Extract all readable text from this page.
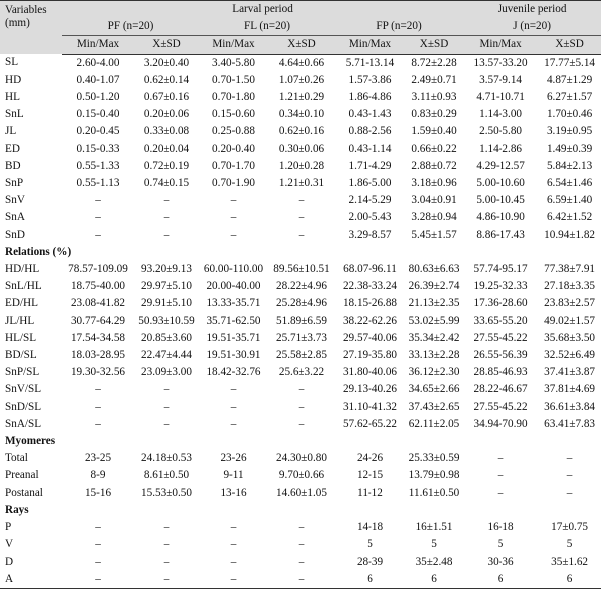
Variables
(mm)	Larval period						Juvenile period	
	PF (n=20)		FL (n=20)		FP (n=20)		J (n=20)	
	Min/Max	X±SD	Min/Max	X±SD	Min/Max	X±SD	Min/Max	X±SD
SL	2.60-4.00	3.20±0.40	3.40-5.80	4.64±0.66	5.71-13.14	8.72±2.28	13.57-33.20	17.77±5.14
HD	0.40-1.07	0.62±0.14	0.70-1.50	1.07±0.26	1.57-3.86	2.49±0.71	3.57-9.14	4.87±1.29
HL	0.50-1.20	0.67±0.16	0.70-1.80	1.21±0.29	1.86-4.86	3.11±0.93	4.71-10.71	6.27±1.57
SnL	0.15-0.40	0.20±0.06	0.15-0.60	0.34±0.10	0.43-1.43	0.83±0.29	1.14-3.00	1.70±0.46
JL	0.20-0.45	0.33±0.08	0.25-0.88	0.62±0.16	0.88-2.56	1.59±0.40	2.50-5.80	3.19±0.95
ED	0.15-0.33	0.20±0.04	0.20-0.40	0.30±0.06	0.43-1.14	0.66±0.22	1.14-2.86	1.49±0.39
BD	0.55-1.33	0.72±0.19	0.70-1.70	1.20±0.28	1.71-4.29	2.88±0.72	4.29-12.57	5.84±2.13
SnP	0.55-1.13	0.74±0.15	0.70-1.90	1.21±0.31	1.86-5.00	3.18±0.96	5.00-10.60	6.54±1.46
SnV	–	–	–	–	2.14-5.29	3.04±0.91	5.00-10.45	6.59±1.40
SnA	–	–	–	–	2.00-5.43	3.28±0.94	4.86-10.90	6.42±1.52
SnD	–	–	–	–	3.29-8.57	5.45±1.57	8.86-17.43	10.94±1.82
Relations (%)								
HD/HL	78.57-109.09	93.20±9.13	60.00-110.00	89.56±10.51	68.07-96.11	80.63±6.63	57.74-95.17	77.38±7.91
SnL/HL	18.75-40.00	29.97±5.10	20.00-40.00	28.22±4.96	22.38-33.24	26.39±2.74	19.25-32.33	27.18±3.35
ED/HL	23.08-41.82	29.91±5.10	13.33-35.71	25.28±4.96	18.15-26.88	21.13±2.35	17.36-28.60	23.83±2.57
JL/HL	30.77-64.29	50.93±10.59	35.71-62.50	51.89±6.59	38.22-62.26	53.02±5.99	33.65-55.20	49.02±1.57
HL/SL	17.54-34.58	20.85±3.60	19.51-35.71	25.71±3.73	29.57-40.06	35.34±2.42	27.55-45.22	35.68±3.50
BD/SL	18.03-28.95	22.47±4.44	19.51-30.91	25.58±2.85	27.19-35.80	33.13±2.28	26.55-56.39	32.52±6.49
SnP/SL	19.30-32.56	23.09±3.00	18.42-32.76	25.6±3.22	31.80-40.06	36.12±2.30	28.85-46.93	37.41±3.87
SnV/SL	–	–	–	–	29.13-40.26	34.65±2.66	28.22-46.67	37.81±4.69
SnD/SL	–	–	–	–	31.10-41.32	37.43±2.65	27.55-45.22	36.61±3.84
SnA/SL	–	–	–	–	57.62-65.22	62.11±2.05	34.94-70.90	63.41±7.83
Myomeres								
Total	23-25	24.18±0.53	23-26	24.30±0.80	24-26	25.33±0.59	–	–
Preanal	8-9	8.61±0.50	9-11	9.70±0.66	12-15	13.79±0.98	–	–
Postanal	15-16	15.53±0.50	13-16	14.60±1.05	11-12	11.61±0.50	–	–
Rays								
P	–	–	–	–	14-18	16±1.51	16-18	17±0.75
V	–	–	–	–	5	5	5	5
D	–	–	–	–	28-39	35±2.48	30-36	35±1.62
A	–	–	–	–	6	6	6	6
